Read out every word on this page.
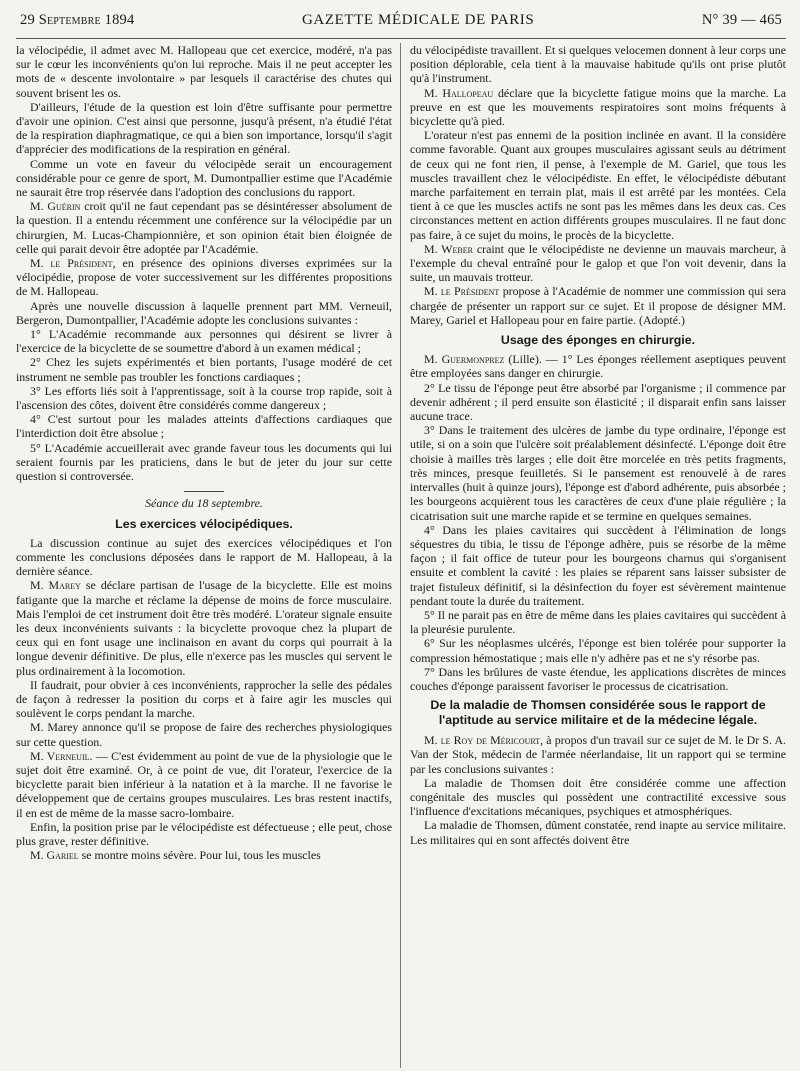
29 Septembre 1894	GAZETTE MÉDICALE DE PARIS	N° 39 — 465

la vélocipédie, il admet avec M. Hallopeau que cet exercice, modéré, n'a pas sur le cœur les inconvénients qu'on lui reproche. Mais il ne peut accepter les mots de « descente involontaire » par lesquels il caractérise des chutes qui souvent brisent les os.

D'ailleurs, l'étude de la question est loin d'être suffisante pour permettre d'avoir une opinion. C'est ainsi que personne, jusqu'à présent, n'a étudié l'état de la respiration diaphragmatique, ce qui a bien son importance, lorsqu'il s'agit d'apprécier des modifications de la respiration en général.

Comme un vote en faveur du vélocipède serait un encouragement considérable pour ce genre de sport, M. Dumontpallier estime que l'Académie ne saurait être trop réservée dans l'adoption des conclusions du rapport.

M. Guérin croit qu'il ne faut cependant pas se désintéresser absolument de la question. Il a entendu récemment une conférence sur la vélocipédie par un chirurgien, M. Lucas-Championnière, et son opinion était bien éloignée de celle qui parait devoir être adoptée par l'Académie.

M. le Président, en présence des opinions diverses exprimées sur la vélocipédie, propose de voter successivement sur les différentes propositions de M. Hallopeau.

Après une nouvelle discussion à laquelle prennent part MM. Verneuil, Bergeron, Dumontpallier, l'Académie adopte les conclusions suivantes :

1° L'Académie recommande aux personnes qui désirent se livrer à l'exercice de la bicyclette de se soumettre d'abord à un examen médical ;

2° Chez les sujets expérimentés et bien portants, l'usage modéré de cet instrument ne semble pas troubler les fonctions cardiaques ;

3° Les efforts liés soit à l'apprentissage, soit à la course trop rapide, soit à l'ascension des côtes, doivent être considérés comme dangereux ;

4° C'est surtout pour les malades atteints d'affections cardiaques que l'interdiction doit être absolue ;

5° L'Académie accueillerait avec grande faveur tous les documents qui lui seraient fournis par les praticiens, dans le but de jeter du jour sur cette question si controversée.

Séance du 18 septembre.

Les exercices vélocipédiques.

La discussion continue au sujet des exercices vélocipédiques et l'on commente les conclusions déposées dans le rapport de M. Hallopeau, à la dernière séance.

M. Marey se déclare partisan de l'usage de la bicyclette. Elle est moins fatigante que la marche et réclame la dépense de moins de force musculaire. Mais l'emploi de cet instrument doit être très modéré. L'orateur signale ensuite les deux inconvénients suivants : la bicyclette provoque chez la plupart de ceux qui en font usage une inclinaison en avant du corps qui pourrait à la longue devenir définitive. De plus, elle n'exerce pas les muscles qui servent le plus ordinairement à la locomotion.

Il faudrait, pour obvier à ces inconvénients, rapprocher la selle des pédales de façon à redresser la position du corps et à faire agir les muscles qui soulèvent le corps pendant la marche.

M. Marey annonce qu'il se propose de faire des recherches physiologiques sur cette question.

M. Verneuil. — C'est évidemment au point de vue de la physiologie que le sujet doit être examiné. Or, à ce point de vue, dit l'orateur, l'exercice de la bicyclette parait bien inférieur à la natation et à la marche. Il ne favorise le développement que de certains groupes musculaires. Les bras restent inactifs, il en est de même de la masse sacro-lombaire.

Enfin, la position prise par le vélocipédiste est défectueuse ; elle peut, chose plus grave, rester définitive.

M. Gariel se montre moins sévère. Pour lui, tous les muscles

du vélocipédiste travaillent. Et si quelques velocemen donnent à leur corps une position déplorable, cela tient à la mauvaise habitude qu'ils ont prise plutôt qu'à l'instrument.

M. Hallopeau déclare que la bicyclette fatigue moins que la marche. La preuve en est que les mouvements respiratoires sont moins fréquents à bicyclette qu'à pied.

L'orateur n'est pas ennemi de la position inclinée en avant. Il la considère comme favorable. Quant aux groupes musculaires agissant seuls au détriment de ceux qui ne font rien, il pense, à l'exemple de M. Gariel, que tous les muscles travaillent chez le vélocipédiste. En effet, le vélocipédiste débutant marche parfaitement en terrain plat, mais il est arrêté par les montées. Cela tient à ce que les muscles actifs ne sont pas les mêmes dans les deux cas. Ces circonstances mettent en action différents groupes musculaires. Il ne faut donc pas faire, à ce sujet du moins, le procès de la bicyclette.

M. Weber craint que le vélocipédiste ne devienne un mauvais marcheur, à l'exemple du cheval entraîné pour le galop et que l'on voit devenir, dans la suite, un mauvais trotteur.

M. le Président propose à l'Académie de nommer une commission qui sera chargée de présenter un rapport sur ce sujet. Et il propose de désigner MM. Marey, Gariel et Hallopeau pour en faire partie. (Adopté.)

Usage des éponges en chirurgie.

M. Guermonprez (Lille). — 1° Les éponges réellement aseptiques peuvent être employées sans danger en chirurgie.

2° Le tissu de l'éponge peut être absorbé par l'organisme ; il commence par devenir adhérent ; il perd ensuite son élasticité ; il disparait enfin sans laisser aucune trace.

3° Dans le traitement des ulcères de jambe du type ordinaire, l'éponge est utile, si on a soin que l'ulcère soit préalablement désinfecté. L'éponge doit être choisie à mailles très larges ; elle doit être morcelée en très petits fragments, très minces, presque feuilletés. Si le pansement est renouvelé à de rares intervalles (huit à quinze jours), l'éponge est d'abord adhérente, puis absorbée ; les bourgeons acquièrent tous les caractères de ceux d'une plaie régulière ; la cicatrisation suit une marche rapide et se termine en quelques semaines.

4° Dans les plaies cavitaires qui succèdent à l'élimination de longs séquestres du tibia, le tissu de l'éponge adhère, puis se résorbe de la même façon ; il fait office de tuteur pour les bourgeons charnus qui s'organisent ensuite et comblent la cavité : les plaies se réparent sans laisser subsister de trajet fistuleux définitif, si la désinfection du foyer est sévèrement maintenue pendant toute la durée du traitement.

5° Il ne parait pas en être de même dans les plaies cavitaires qui succèdent à la pleurésie purulente.

6° Sur les néoplasmes ulcérés, l'éponge est bien tolérée pour supporter la compression hémostatique ; mais elle n'y adhère pas et ne s'y résorbe pas.

7° Dans les brûlures de vaste étendue, les applications discrètes de minces couches d'éponge paraissent favoriser le processus de cicatrisation.

De la maladie de Thomsen considérée sous le rapport de l'aptitude au service militaire et de la médecine légale.

M. le Roy de Méricourt, à propos d'un travail sur ce sujet de M. le Dr S. A. Van der Stok, médecin de l'armée néerlandaise, lit un rapport qui se termine par les conclusions suivantes :

La maladie de Thomsen doit être considérée comme une affection congénitale des muscles qui possèdent une contractilité excessive sous l'influence d'excitations mécaniques, psychiques et atmosphériques.

La maladie de Thomsen, dûment constatée, rend inapte au service militaire. Les militaires qui en sont affectés doivent être
